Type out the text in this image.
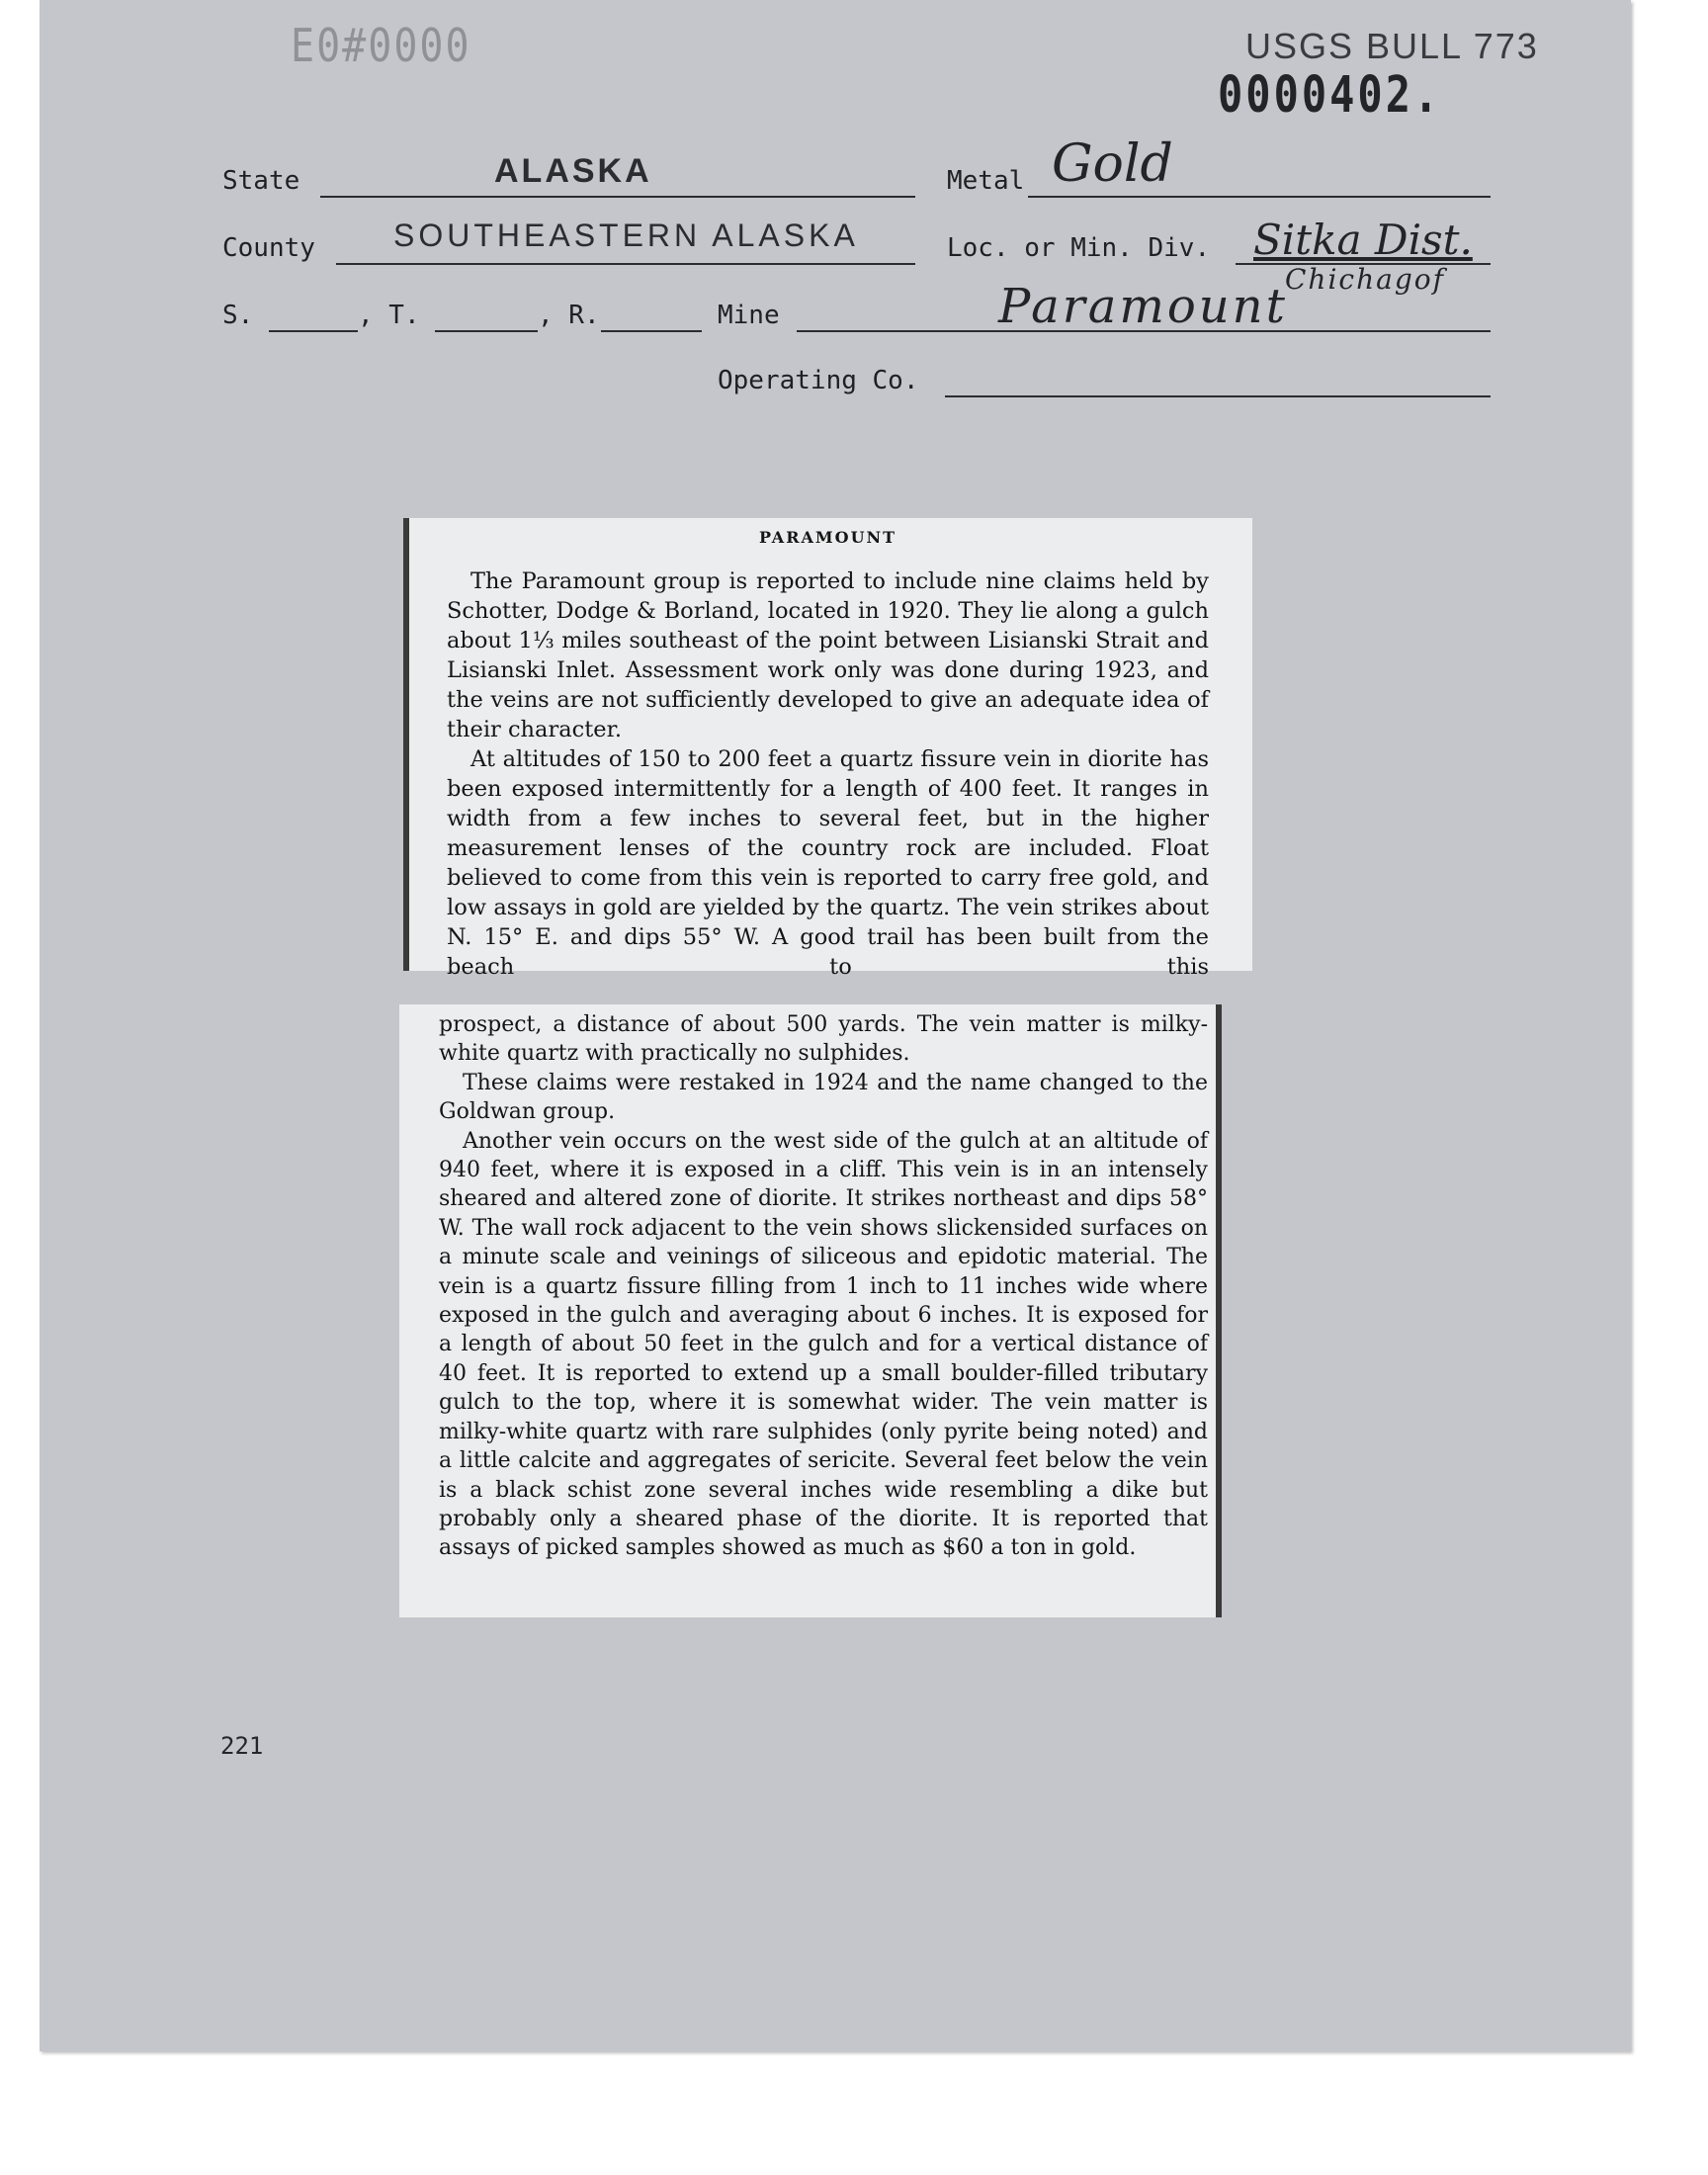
E0#0000	USGS BULL 773
0000402.
State	ALASKA	Metal Gold
County SOUTHEASTERN ALASKA	Loc. or Min. Div. Sitka Dist.
Chichagof
S.	, T.	, R.	Mine	Paramount
Operating Co.
PARAMOUNT

The Paramount group is reported to include nine claims held by Schotter, Dodge & Borland, located in 1920. They lie along a gulch about 1⅓ miles southeast of the point between Lisianski Strait and Lisianski Inlet. Assessment work only was done during 1923, and the veins are not sufficiently developed to give an adequate idea of their character.

At altitudes of 150 to 200 feet a quartz fissure vein in diorite has been exposed intermittently for a length of 400 feet. It ranges in width from a few inches to several feet, but in the higher measurement lenses of the country rock are included. Float believed to come from this vein is reported to carry free gold, and low assays in gold are yielded by the quartz. The vein strikes about N. 15° E. and dips 55° W. A good trail has been built from the beach to this

prospect, a distance of about 500 yards. The vein matter is milky-white quartz with practically no sulphides.

These claims were restaked in 1924 and the name changed to the Goldwan group.

Another vein occurs on the west side of the gulch at an altitude of 940 feet, where it is exposed in a cliff. This vein is in an intensely sheared and altered zone of diorite. It strikes northeast and dips 58° W. The wall rock adjacent to the vein shows slickensided surfaces on a minute scale and veinings of siliceous and epidotic material. The vein is a quartz fissure filling from 1 inch to 11 inches wide where exposed in the gulch and averaging about 6 inches. It is exposed for a length of about 50 feet in the gulch and for a vertical distance of 40 feet. It is reported to extend up a small boulder-filled tributary gulch to the top, where it is somewhat wider. The vein matter is milky-white quartz with rare sulphides (only pyrite being noted) and a little calcite and aggregates of sericite. Several feet below the vein is a black schist zone several inches wide resembling a dike but probably only a sheared phase of the diorite. It is reported that assays of picked samples showed as much as $60 a ton in gold.

221
